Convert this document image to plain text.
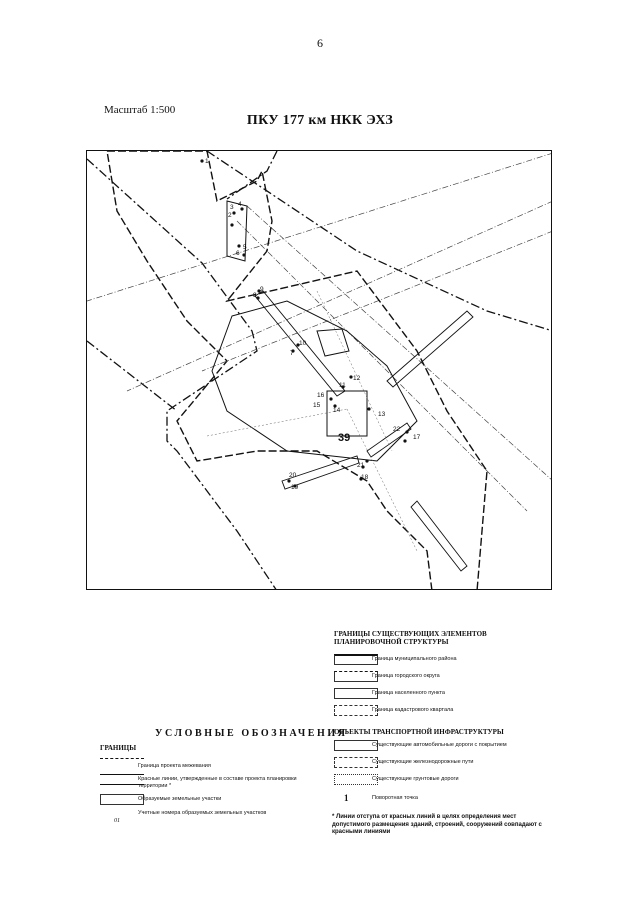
6
Масштаб 1:500
ПКУ 177 км НКК ЭХЗ
1
2
3 4
5
6
7
8
9
10
11
12
13
14
15
16
17
18
19
20
21
22
39
ГРАНИЦЫ СУЩЕСТВУЮЩИХ ЭЛЕМЕНТОВ ПЛАНИРОВОЧНОЙ СТРУКТУРЫ
Граница муниципального района
Граница городского округа
Граница населенного пункта
Граница кадастрового квартала
УСЛОВНЫЕ ОБОЗНАЧЕНИЯ
ГРАНИЦЫ
Граница проекта межевания
Красные линии, утвержденные в составе проекта планировки территории *
Образуемые земельные участки
01
Учетные номера образуемых земельных участков
ОБЪЕКТЫ ТРАНСПОРТНОЙ ИНФРАСТРУКТУРЫ
Существующие автомобильные дороги с покрытием
Существующие железнодорожные пути
Существующие грунтовые дороги
1	Поворотная точка
* Линии отступа от красных линий в целях определения мест допустимого размещения зданий, строений, сооружений совпадают с красными линиями
